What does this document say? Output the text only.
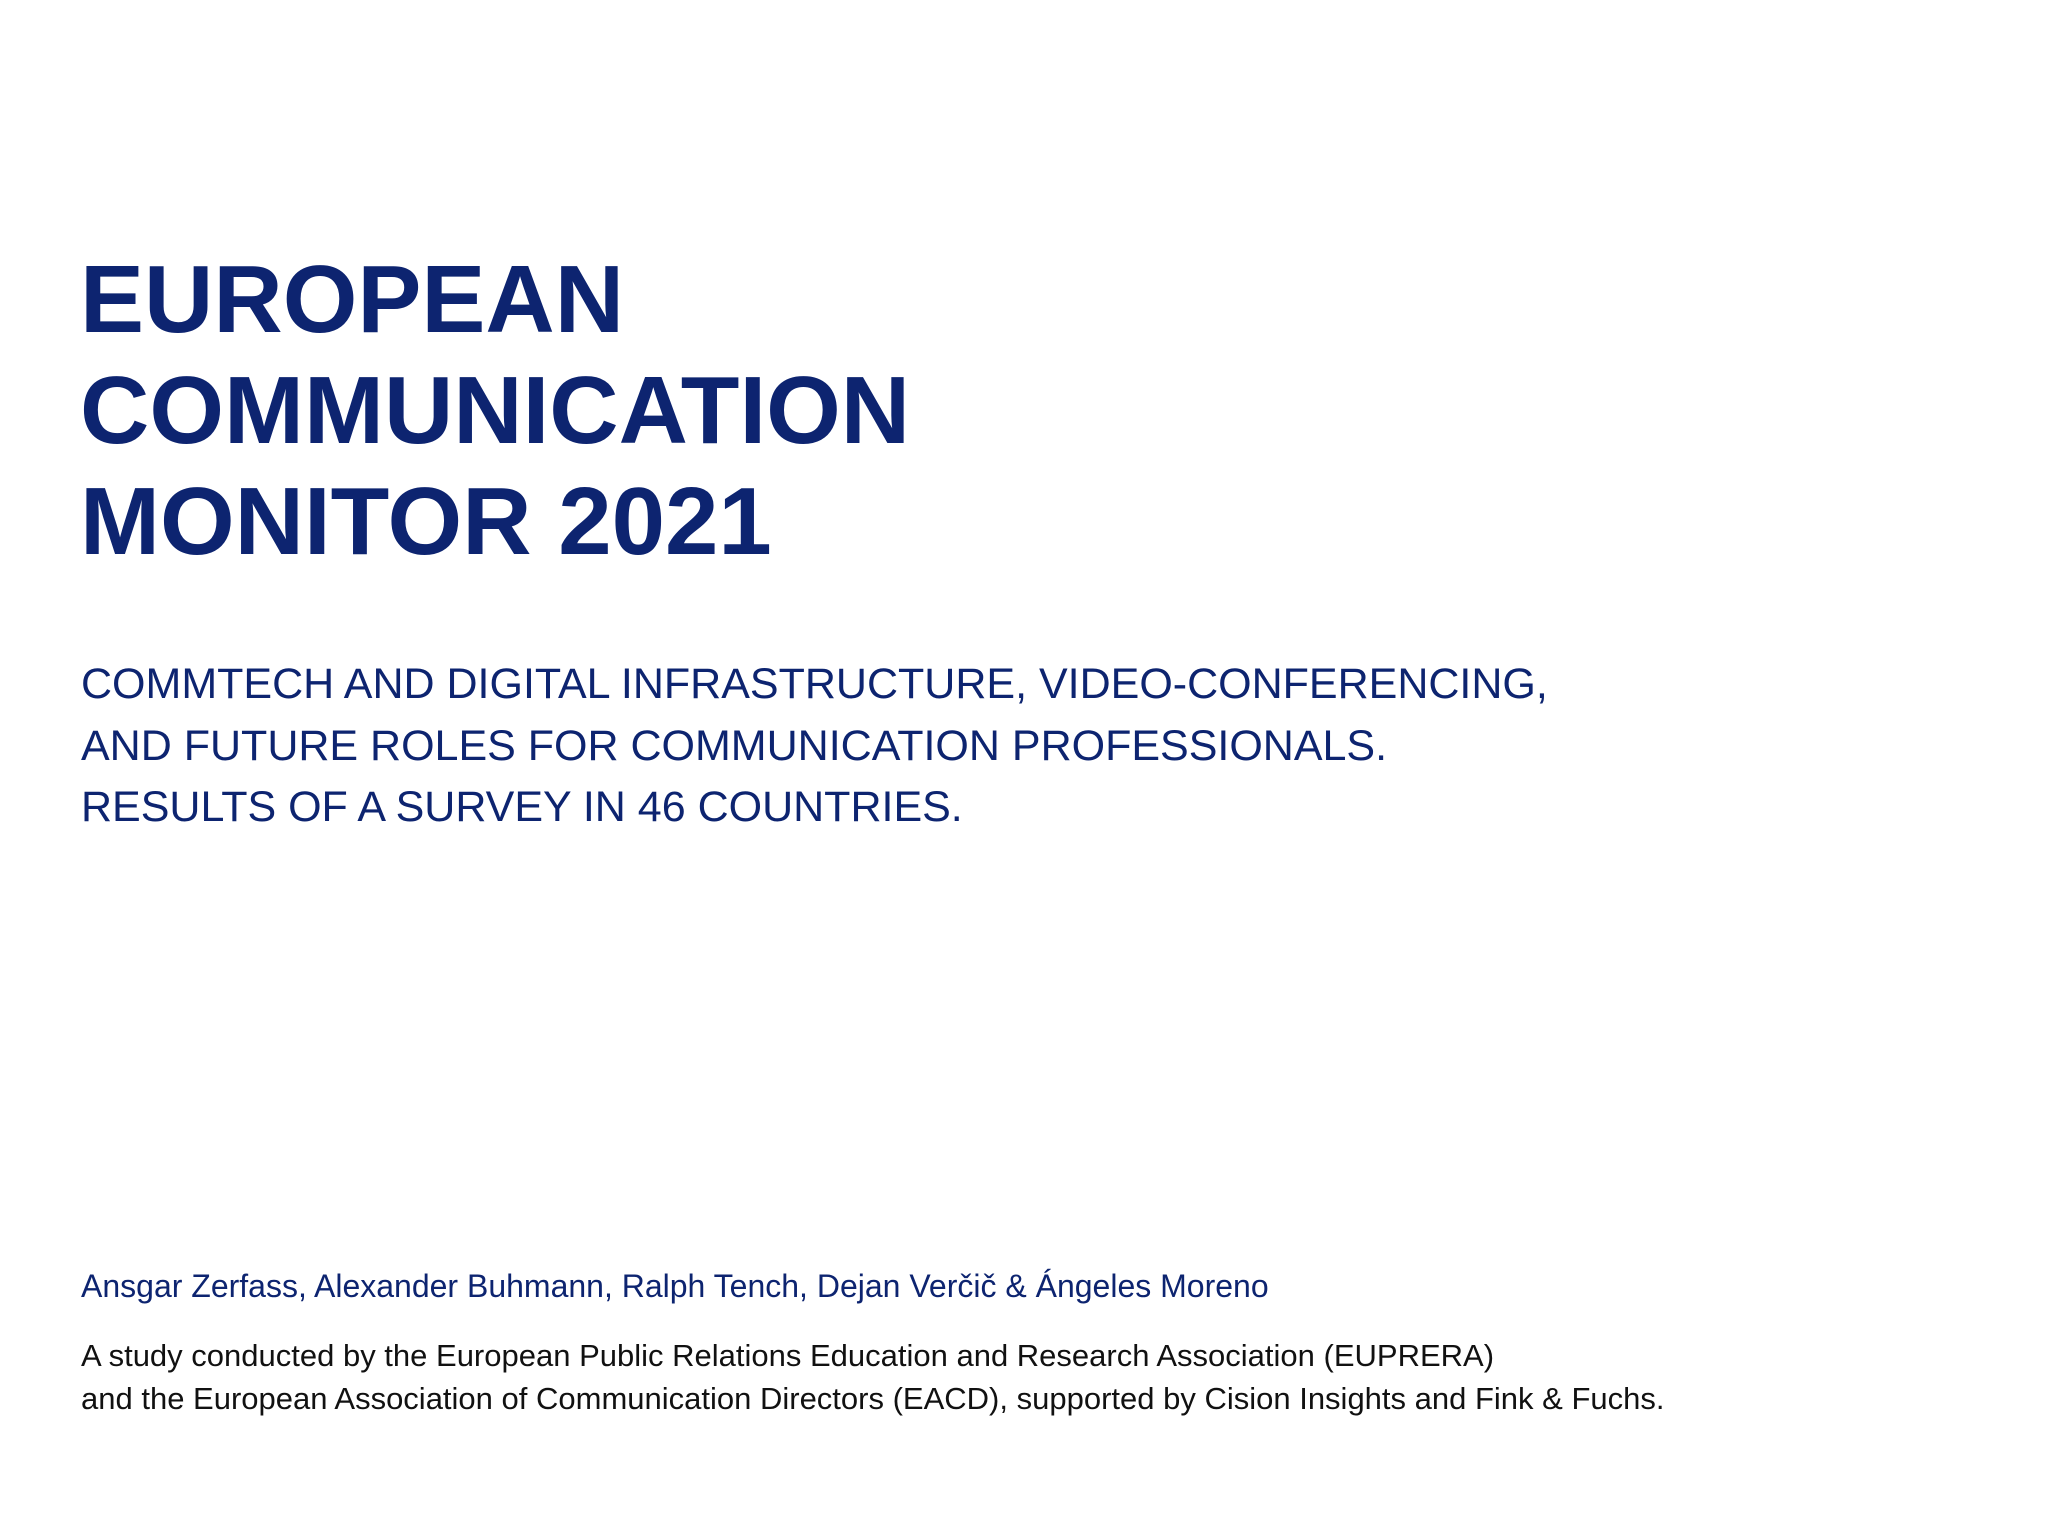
EUROPEAN
COMMUNICATION
MONITOR 2021
COMMTECH AND DIGITAL INFRASTRUCTURE, VIDEO-CONFERENCING,
AND FUTURE ROLES FOR COMMUNICATION PROFESSIONALS.
RESULTS OF A SURVEY IN 46 COUNTRIES.

Ansgar Zerfass, Alexander Buhmann, Ralph Tench, Dejan Verčič & Ángeles Moreno

A study conducted by the European Public Relations Education and Research Association (EUPRERA)
and the European Association of Communication Directors (EACD), supported by Cision Insights and Fink & Fuchs.
